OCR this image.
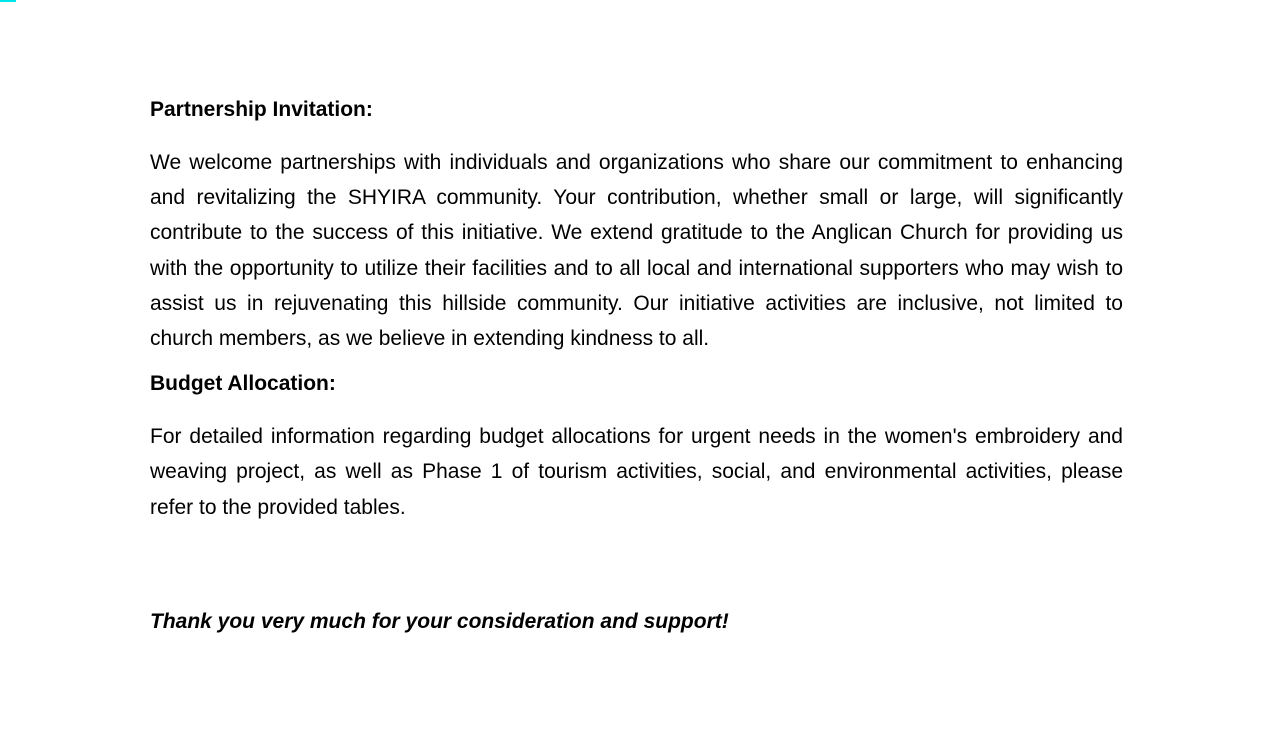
Partnership Invitation:

We welcome partnerships with individuals and organizations who share our commitment to enhancing and revitalizing the SHYIRA community. Your contribution, whether small or large, will significantly contribute to the success of this initiative. We extend gratitude to the Anglican Church for providing us with the opportunity to utilize their facilities and to all local and international supporters who may wish to assist us in rejuvenating this hillside community. Our initiative activities are inclusive, not limited to church members, as we believe in extending kindness to all.

Budget Allocation:

For detailed information regarding budget allocations for urgent needs in the women's embroidery and weaving project, as well as Phase 1 of tourism activities, social, and environmental activities, please refer to the provided tables.

Thank you very much for your consideration and support!
